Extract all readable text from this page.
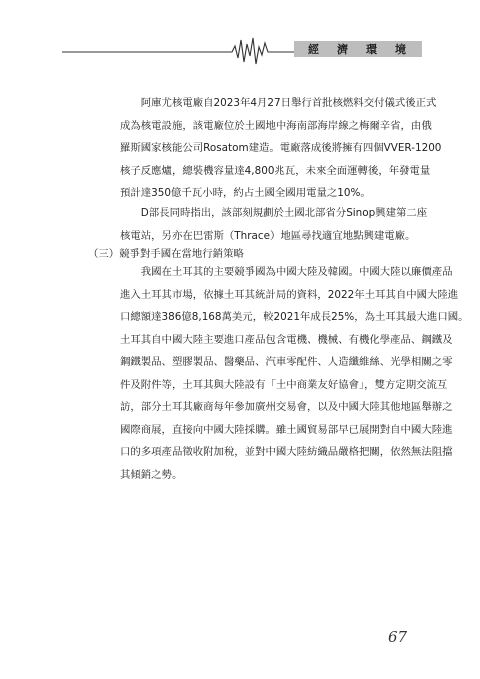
經 濟 環 境
　　阿庫尤核電廠自2023年4月27日舉行首批核燃料交付儀式後正式
成為核電設施，該電廠位於土國地中海南部海岸線之梅爾辛省，由俄
羅斯國家核能公司Rosatom建造。電廠落成後將擁有四個VVER-1200
核子反應爐，總裝機容量達4,800兆瓦，未來全面運轉後，年發電量
預計達350億千瓦小時，約占土國全國用電量之10%。
　　D部長同時指出，該部刻規劃於土國北部省分Sinop興建第二座
核電站，另亦在巴雷斯（Thrace）地區尋找適宜地點興建電廠。
（三）競爭對手國在當地行銷策略
　　我國在土耳其的主要競爭國為中國大陸及韓國。中國大陸以廉價產品
進入土耳其市場，依據土耳其統計局的資料，2022年土耳其自中國大陸進
口總額達386億8,168萬美元，較2021年成長25%，為土耳其最大進口國。
土耳其自中國大陸主要進口產品包含電機、機械、有機化學產品、鋼鐵及
鋼鐵製品、塑膠製品、醫藥品、汽車零配件、人造纖維絲、光學相關之零
件及附件等，土耳其與大陸設有「土中商業友好協會」，雙方定期交流互
訪，部分土耳其廠商每年參加廣州交易會，以及中國大陸其他地區舉辦之
國際商展，直接向中國大陸採購。雖土國貿易部早已展開對自中國大陸進
口的多項產品徵收附加稅，並對中國大陸紡織品嚴格把關，依然無法阻擋
其傾銷之勢。
67
